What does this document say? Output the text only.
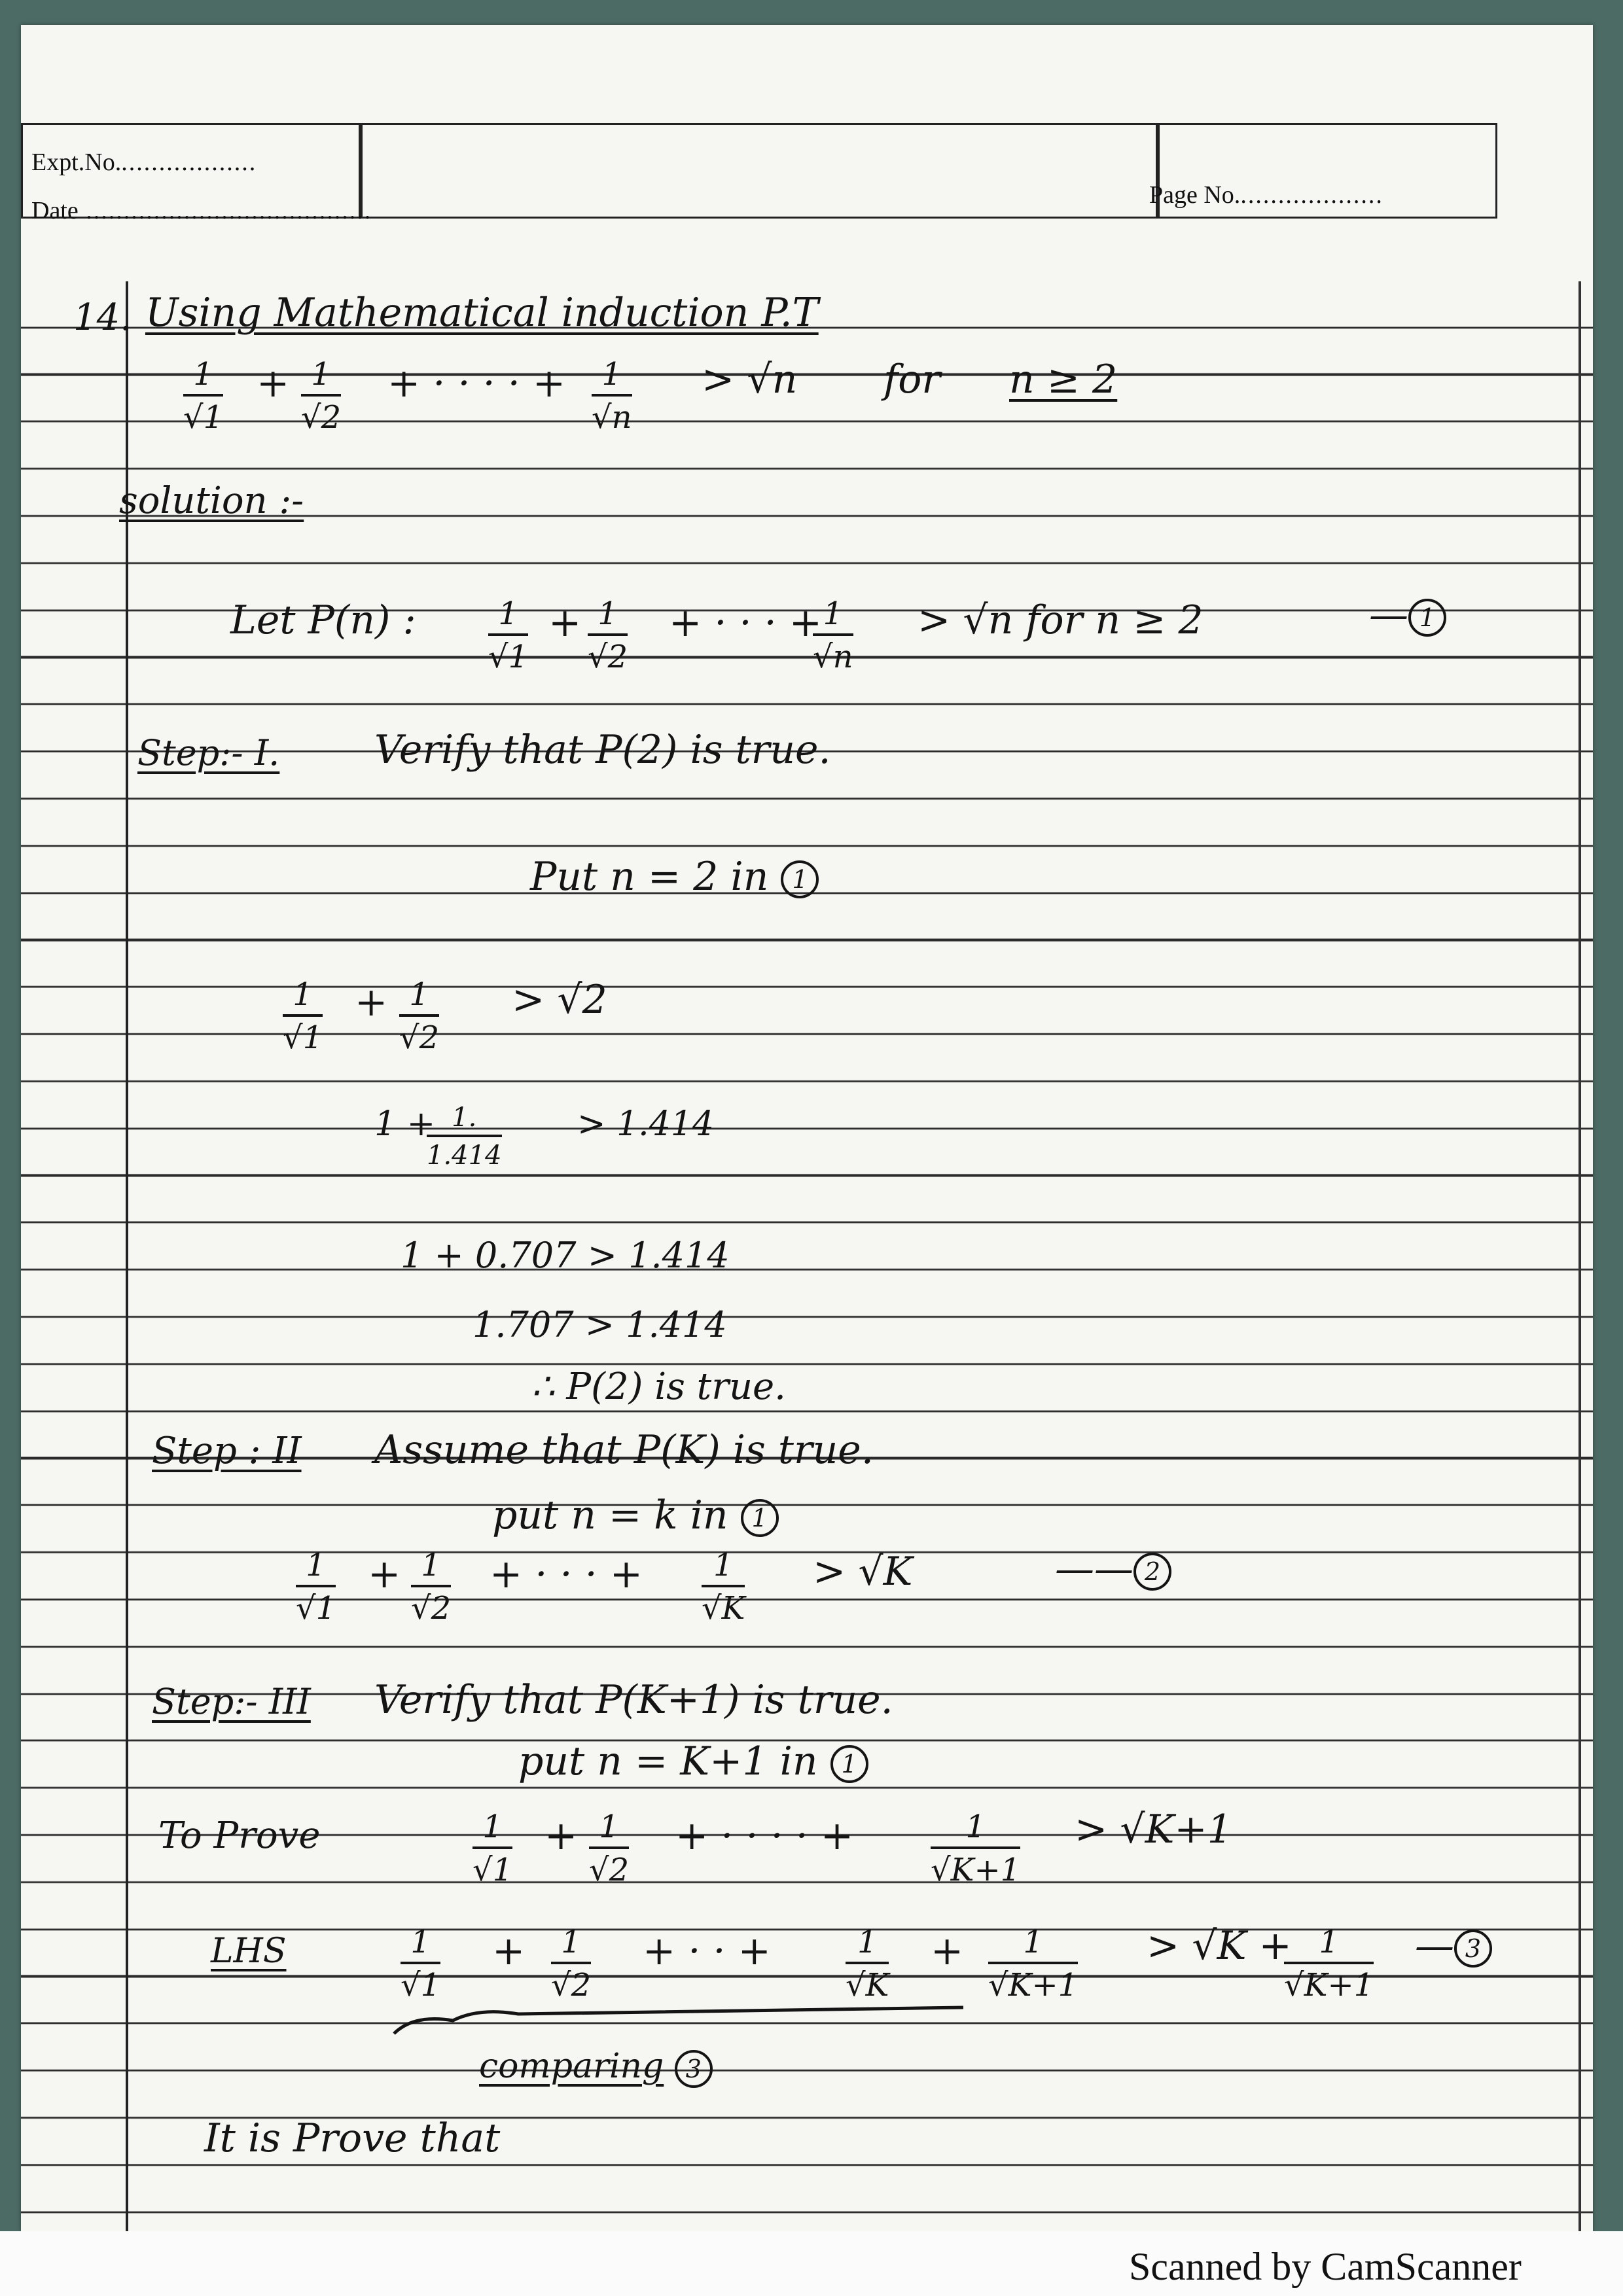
Expt.No...................
Date ......................................
Page No....................
14. Using Mathematical induction P.T
$\frac{1}{√1} + \frac{1}{√2}$ + · · · · + $\frac{1}{√n} > √n$ for n ≥ 2
solution :-
Let P(n) : $\frac{1}{√1} + \frac{1}{√2}$ + · · · +
$\frac{1}{√n} > √n$ for n ≥ 2	— 1
Step:- I. Verify that P(2) is true.
Put n = 2 in 1
$\frac{1}{√1} + \frac{1}{√2} > √2$
1 +
$\frac{1.}{1.414} > 1.414$
1 + 0.707 > 1.414
1.707 > 1.414
∴ P(2) is true.
Step : II Assume that P(K) is true.
put n = k in 1
$\frac{1}{√1} + \frac{1}{√2}$ + · · · + $\frac{1}{√K} > √K$	—— 2
Step:- III Verify that P(K+1) is true.
put n = K+1 in 1
To Prove	$\frac{1}{√1} + \frac{1}{√2}$ + · · · · + $\frac{1}{√K+1} > √K+1$
LHS	$\frac{1}{√1} + \frac{1}{√2}$ + · · + $\frac{1}{√K} + \frac{1}{√K+1} > √K$ +
$\frac{1}{√K+1}$ — 3
comparing 3
It is Prove that
Scanned by CamScanner
